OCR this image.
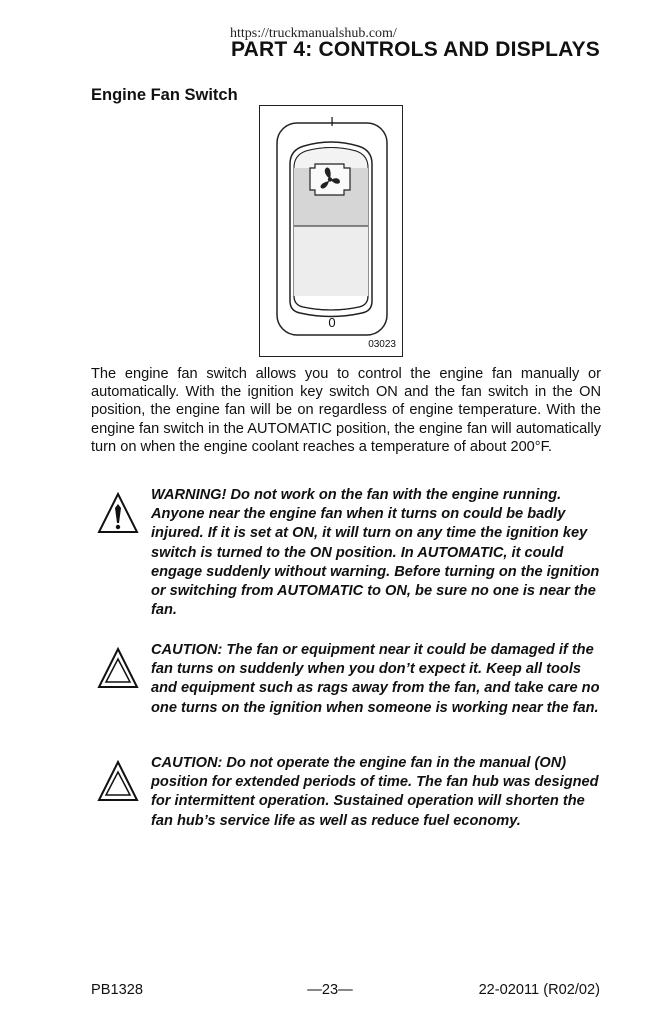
https://truckmanualshub.com/
PART 4: CONTROLS AND DISPLAYS
Engine Fan Switch
I
0
03023
The engine fan switch allows you to control the engine fan manually or automatically. With the ignition key switch ON and the fan switch in the ON position, the engine fan will be on regardless of engine temperature. With the engine fan switch in the AUTOMATIC position, the engine fan will automatically turn on when the engine coolant reaches a temperature of about 200°F.
WARNING! Do not work on the fan with the engine running. Anyone near the engine fan when it turns on could be badly injured. If it is set at ON, it will turn on any time the ignition key switch is turned to the ON position. In AUTOMATIC, it could engage suddenly without warning. Before turning on the ignition or switching from AUTOMATIC to ON, be sure no one is near the fan.
CAUTION: The fan or equipment near it could be damaged if the fan turns on suddenly when you don’t expect it. Keep all tools and equipment such as rags away from the fan, and take care no one turns on the ignition when someone is working near the fan.
CAUTION: Do not operate the engine fan in the manual (ON) position for extended periods of time. The fan hub was designed for intermittent operation. Sustained operation will shorten the fan hub’s service life as well as reduce fuel economy.
PB1328	—23—	22-02011 (R02/02)
